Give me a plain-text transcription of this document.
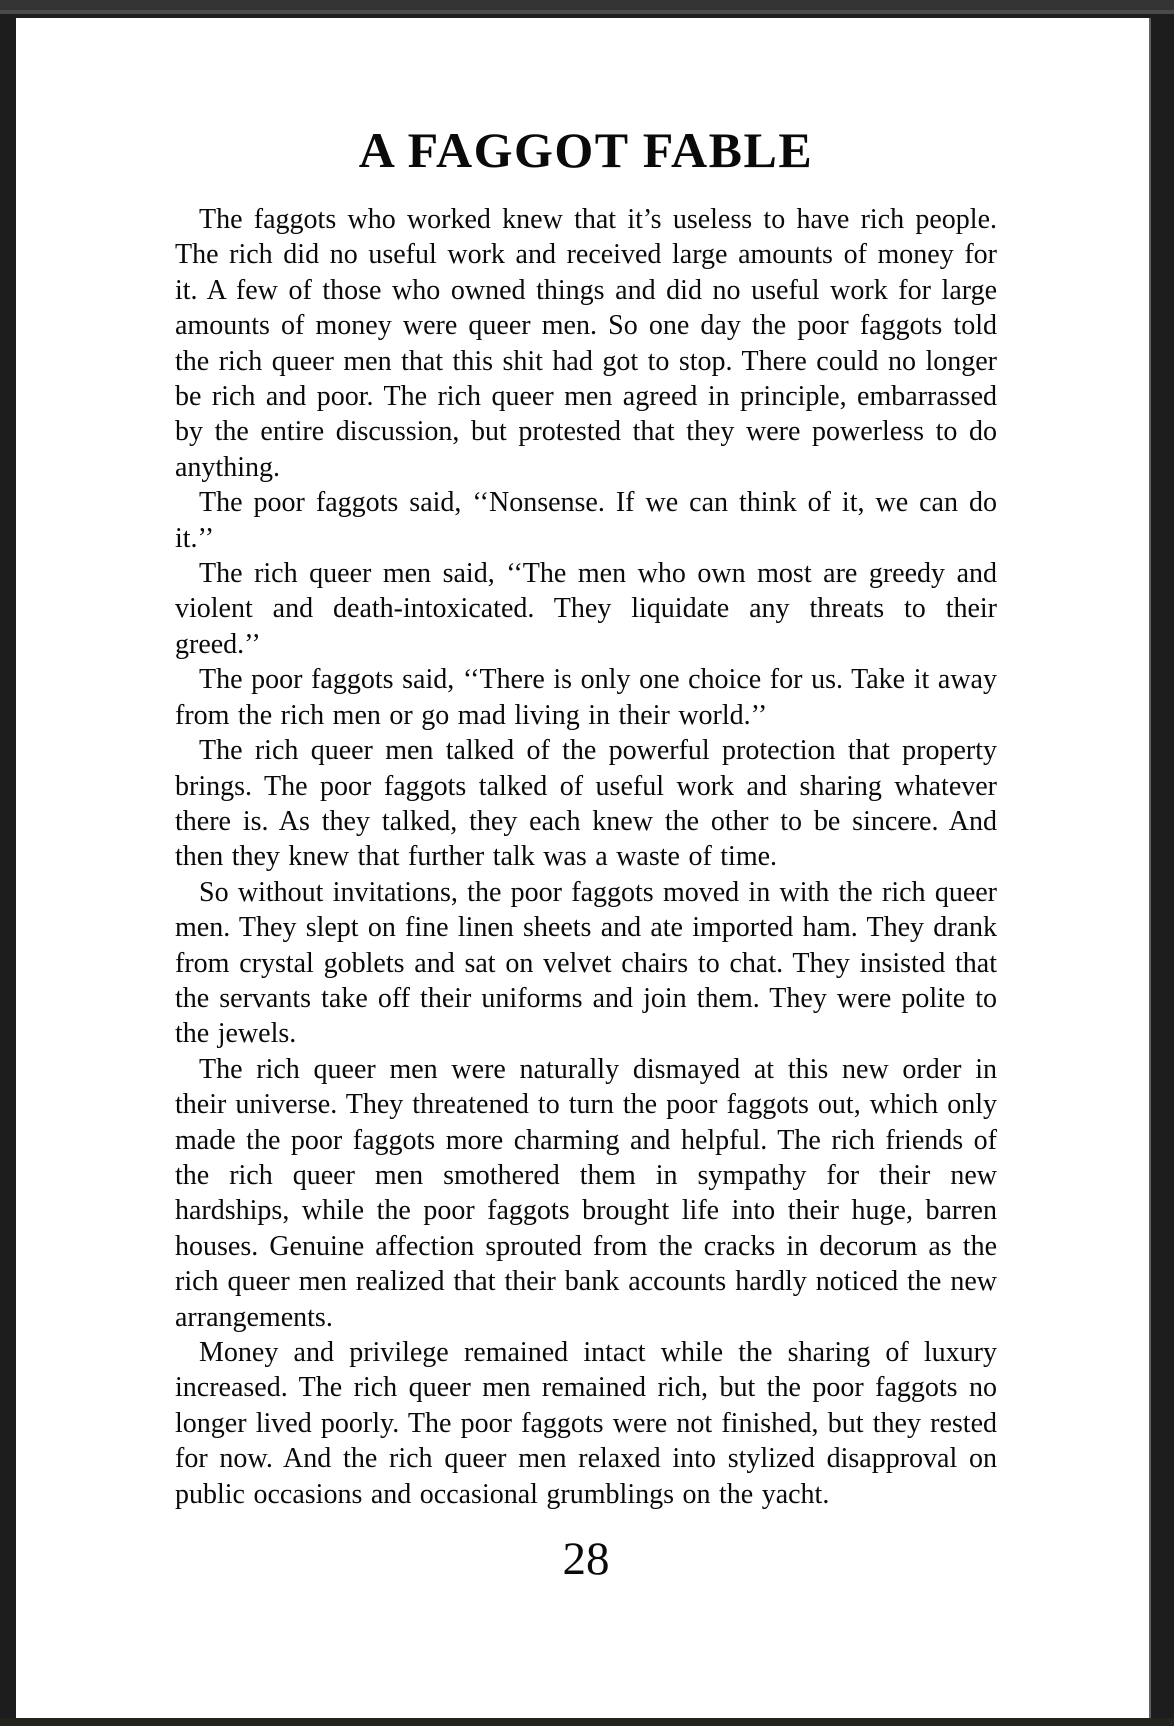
A FAGGOT FABLE

The faggots who worked knew that it’s useless to have rich people. The rich did no useful work and received large amounts of money for it. A few of those who owned things and did no useful work for large amounts of money were queer men. So one day the poor faggots told the rich queer men that this shit had got to stop. There could no longer be rich and poor. The rich queer men agreed in principle, embarrassed by the entire discussion, but protested that they were powerless to do anything.

The poor faggots said, ‘‘Nonsense. If we can think of it, we can do it.’’

The rich queer men said, ‘‘The men who own most are greedy and violent and death-intoxicated. They liquidate any threats to their greed.’’

The poor faggots said, ‘‘There is only one choice for us. Take it away from the rich men or go mad living in their world.’’

The rich queer men talked of the powerful protection that property brings. The poor faggots talked of useful work and sharing whatever there is. As they talked, they each knew the other to be sincere. And then they knew that further talk was a waste of time.

So without invitations, the poor faggots moved in with the rich queer men. They slept on fine linen sheets and ate imported ham. They drank from crystal goblets and sat on velvet chairs to chat. They insisted that the servants take off their uniforms and join them. They were polite to the jewels.

The rich queer men were naturally dismayed at this new order in their universe. They threatened to turn the poor faggots out, which only made the poor faggots more charming and helpful. The rich friends of the rich queer men smothered them in sympathy for their new hardships, while the poor faggots brought life into their huge, barren houses. Genuine affection sprouted from the cracks in decorum as the rich queer men realized that their bank accounts hardly noticed the new arrangements.

Money and privilege remained intact while the sharing of luxury increased. The rich queer men remained rich, but the poor faggots no longer lived poorly. The poor faggots were not finished, but they rested for now. And the rich queer men relaxed into stylized disapproval on public occasions and occasional grumblings on the yacht.

28
